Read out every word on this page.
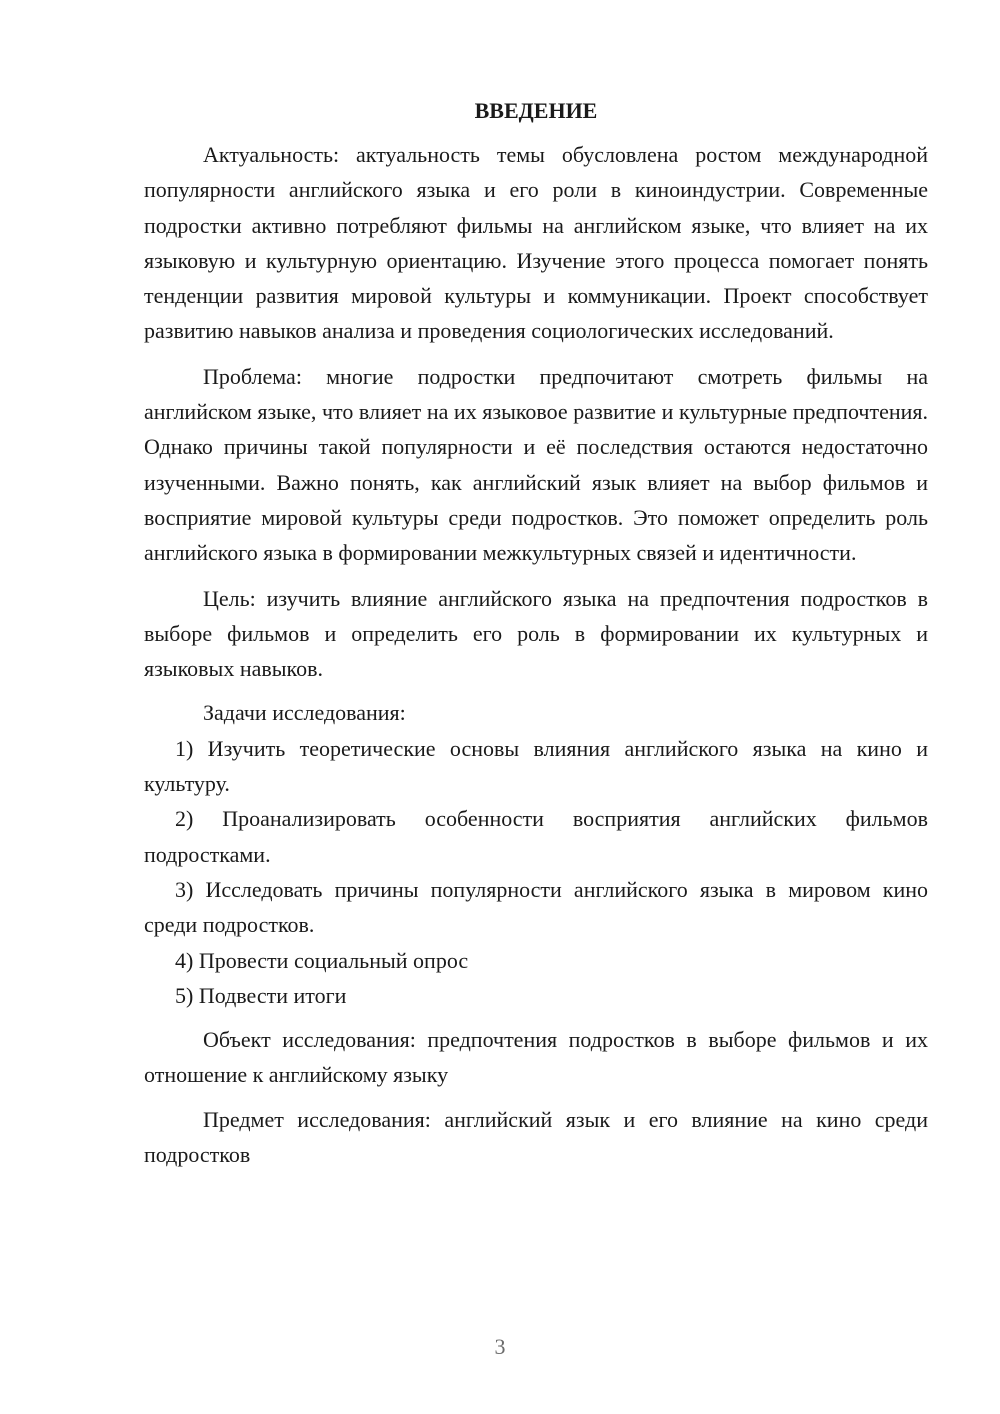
ВВЕДЕНИЕ

Актуальность: актуальность темы обусловлена ростом международной популярности английского языка и его роли в киноиндустрии. Современные подростки активно потребляют фильмы на английском языке, что влияет на их языковую и культурную ориентацию. Изучение этого процесса помогает понять тенденции развития мировой культуры и коммуникации. Проект способствует развитию навыков анализа и проведения социологических исследований.

Проблема: многие подростки предпочитают смотреть фильмы на английском языке, что влияет на их языковое развитие и культурные предпочтения. Однако причины такой популярности и её последствия остаются недостаточно изученными. Важно понять, как английский язык влияет на выбор фильмов и восприятие мировой культуры среди подростков. Это поможет определить роль английского языка в формировании межкультурных связей и идентичности.

Цель: изучить влияние английского языка на предпочтения подростков в выборе фильмов и определить его роль в формировании их культурных и языковых навыков.

Задачи исследования:

1) Изучить теоретические основы влияния английского языка на кино и культуру.

2) Проанализировать особенности восприятия английских фильмов подростками.

3) Исследовать причины популярности английского языка в мировом кино среди подростков.

4) Провести социальный опрос

5) Подвести итоги

Объект исследования: предпочтения подростков в выборе фильмов и их отношение к английскому языку

Предмет исследования: английский язык и его влияние на кино среди подростков

3
